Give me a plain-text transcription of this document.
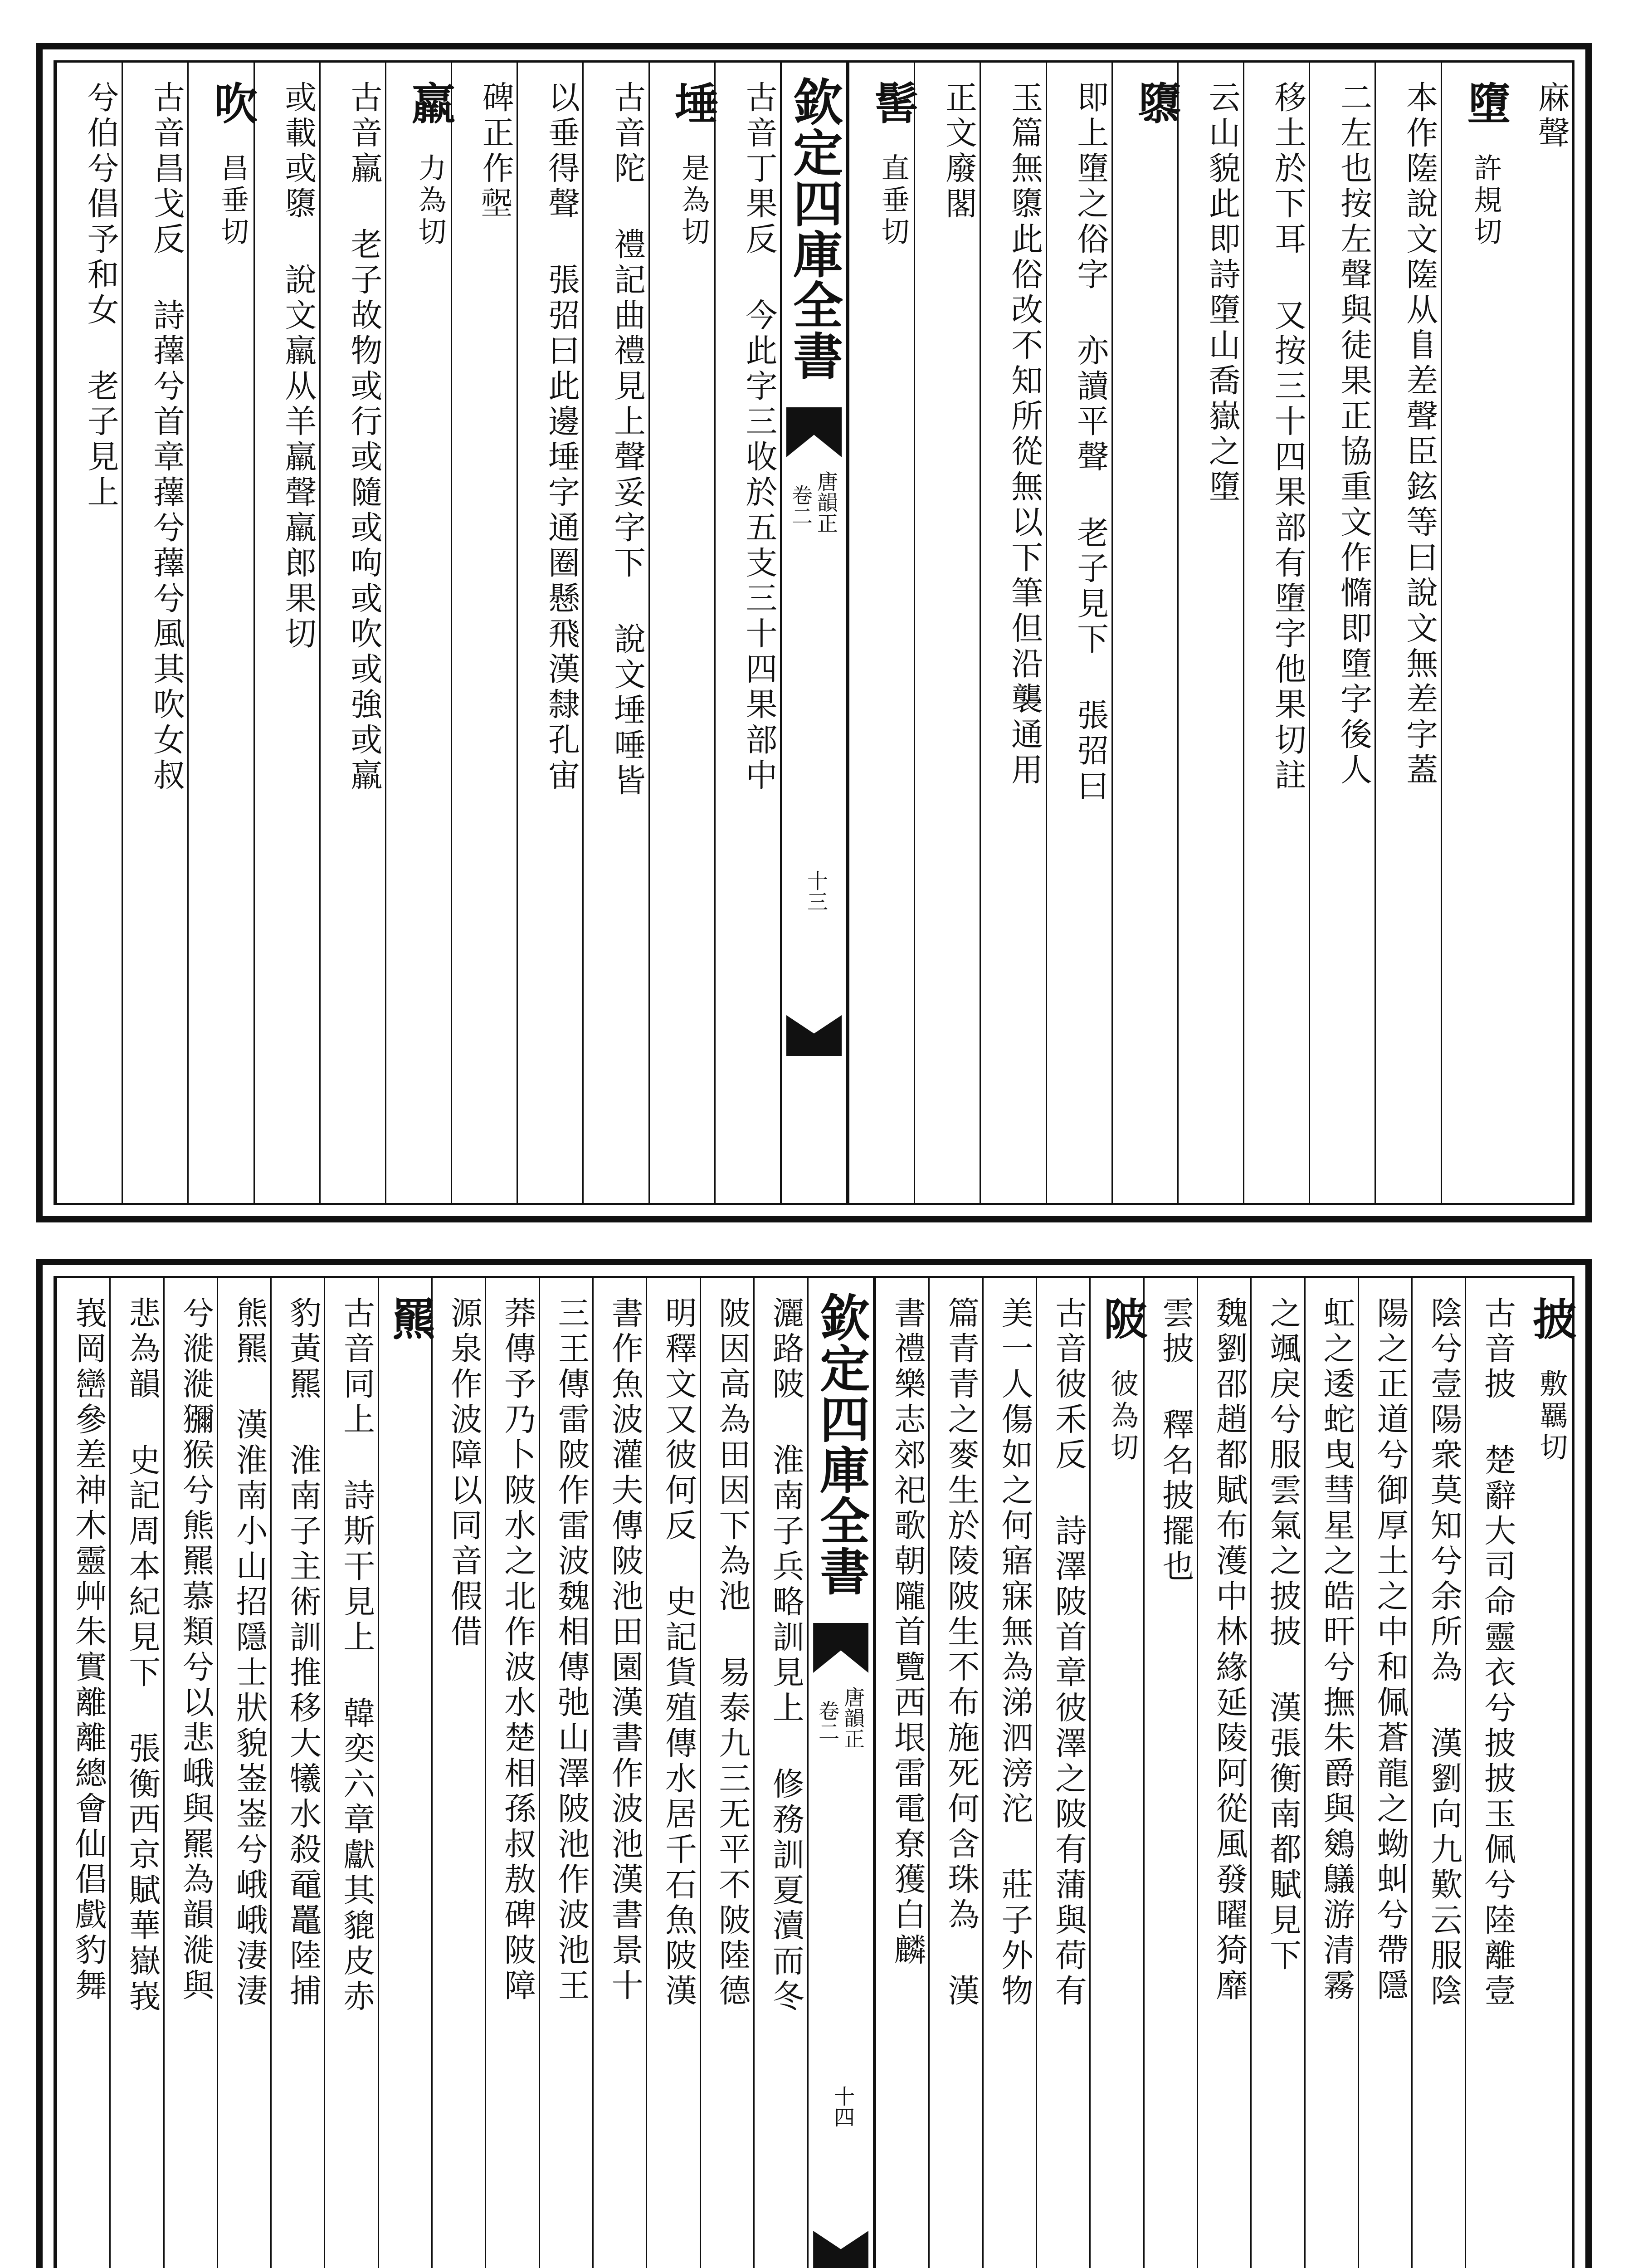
麻聲
墮
許規切
本作隓說文隓从𨸏差聲臣鉉等曰說文無差字蓋
二左也按左聲與徒果正協重文作憜即墮字後人
移土於下耳 又按三十四果部有墮字他果切註
云山貌此即詩墮山喬嶽之墮
隳
即上墮之俗字 亦讀平聲 老子見下 張弨曰
玉篇無隳此俗改不知所從無以下筆但沿襲通用
正文廢閣
髺
直垂切
欽定四庫全書
唐韻正
卷二
十三
古音丁果反 今此字三收於五支三十四果部中
埵
是為切
古音陀 禮記曲禮見上聲妥字下 說文埵唾皆
以垂得聲 張弨曰此邊埵字通圈懸飛漢隸孔宙
碑正作𡎺
羸
力為切
古音羸 老子故物或行或隨或呴或吹或強或羸
或載或隳 說文羸从羊羸聲羸郎果切
吹
昌垂切
古音昌戈反 詩蘀兮首章蘀兮蘀兮風其吹女叔
兮伯兮倡予和女 老子見上
披
敷羈切
古音披 楚辭大司命靈衣兮披披玉佩兮陸離壹
陰兮壹陽衆莫知兮余所為 漢劉向九歎云服陰
陽之正道兮御厚土之中和佩蒼龍之蚴虯兮帶隱
虹之逶蛇曳彗星之皓旰兮撫朱爵與鵕鸃游清霧
之颯戾兮服雲氣之披披 漢張衡南都賦見下
魏劉邵趙都賦布濩中林緣延陵阿從風發曜猗靡
雲披 釋名披擺也
陂
彼為切
古音彼禾反 詩澤陂首章彼澤之陂有蒲與荷有
美一人傷如之何寤寐無為涕泗滂沱 莊子外物
篇青青之麥生於陵陂生不布施死何含珠為 漢
書禮樂志郊祀歌朝隴首覽西垠雷電尞獲白麟
欽定四庫全書
唐韻正
卷二
十四
灑路陂 淮南子兵略訓見上 修務訓夏瀆而冬
陂因高為田因下為池 易泰九三无平不陂陸德
明釋文又彼何反 史記貨殖傳水居千石魚陂漢
書作魚波灌夫傳陂池田園漢書作波池漢書景十
三王傳雷陂作雷波魏相傳弛山澤陂池作波池王
莽傳予乃卜陂水之北作波水楚相孫叔敖碑陂障
源泉作波障以同音假借
羆
古音同上 詩斯干見上 韓奕六章獻其貔皮赤
豹黃羆 淮南子主術訓推移大犧水殺黿鼉陸捕
熊羆 漢淮南小山招隱士狀貌崟崟兮峨峨淒淒
兮漇漇獼猴兮熊羆慕類兮以悲峨與羆為韻漇與
悲為韻 史記周本紀見下 張衡西京賦華嶽峩
峩岡巒參差神木靈艸朱實離離總會仙倡戲豹舞
